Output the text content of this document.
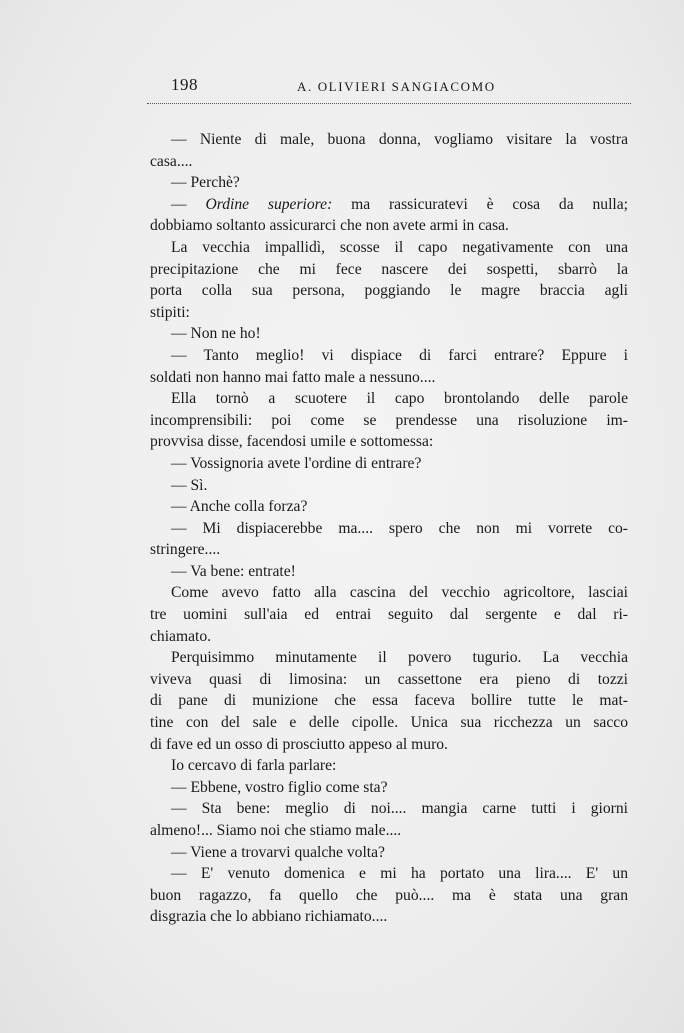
198	A. OLIVIERI SANGIACOMO
— Niente di male, buona donna, vogliamo visitare la vostra
casa....
— Perchè?
— Ordine superiore: ma rassicuratevi è cosa da nulla;
dobbiamo soltanto assicurarci che non avete armi in casa.
La vecchia impallidì, scosse il capo negativamente con una
precipitazione che mi fece nascere dei sospetti, sbarrò la
porta colla sua persona, poggiando le magre braccia agli
stipiti:
— Non ne ho!
— Tanto meglio! vi dispiace di farci entrare? Eppure i
soldati non hanno mai fatto male a nessuno....
Ella tornò a scuotere il capo brontolando delle parole
incomprensibili: poi come se prendesse una risoluzione im-
provvisa disse, facendosi umile e sottomessa:
— Vossignoria avete l'ordine di entrare?
— Sì.
— Anche colla forza?
— Mi dispiacerebbe ma.... spero che non mi vorrete co-
stringere....
— Va bene: entrate!
Come avevo fatto alla cascina del vecchio agricoltore, lasciai
tre uomini sull'aia ed entrai seguito dal sergente e dal ri-
chiamato.
Perquisimmo minutamente il povero tugurio. La vecchia
viveva quasi di limosina: un cassettone era pieno di tozzi
di pane di munizione che essa faceva bollire tutte le mat-
tine con del sale e delle cipolle. Unica sua ricchezza un sacco
di fave ed un osso di prosciutto appeso al muro.
Io cercavo di farla parlare:
— Ebbene, vostro figlio come sta?
— Sta bene: meglio di noi.... mangia carne tutti i giorni
almeno!... Siamo noi che stiamo male....
— Viene a trovarvi qualche volta?
— E' venuto domenica e mi ha portato una lira.... E' un
buon ragazzo, fa quello che può.... ma è stata una gran
disgrazia che lo abbiano richiamato....
